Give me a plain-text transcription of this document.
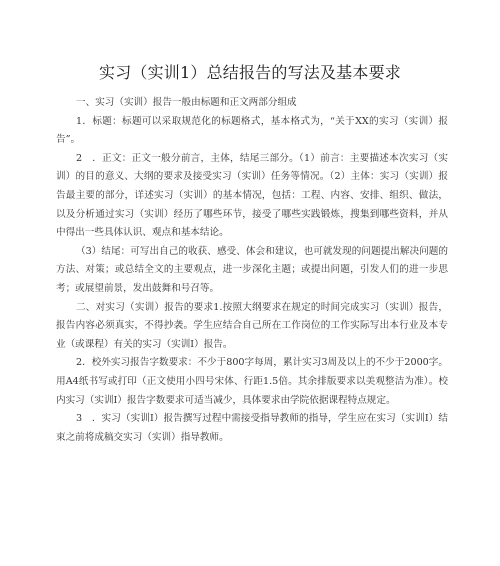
实习（实训1）总结报告的写法及基本要求

一、实习（实训）报告一般由标题和正文两部分组成

1．标题：标题可以采取规范化的标题格式，基本格式为，“关于XX的实习（实训）报告”。

2　．正文：正文一般分前言，主体，结尾三部分。（1）前言：主要描述本次实习（实训）的目的意义、大纲的要求及接受实习（实训）任务等情况。（2）主体：实习（实训）报告最主要的部分，详述实习（实训）的基本情况，包括：工程、内容、安排、组织、做法，以及分析通过实习（实训）经历了哪些环节，接受了哪些实践锻炼，搜集到哪些资料，并从中得出一些具体认识、观点和基本结论。

（3）结尾：可写出自己的收获、感受、体会和建议，也可就发现的问题提出解决问题的方法、对策；或总结全文的主要观点，进一步深化主题；或提出问题，引发人们的进一步思考；或展望前景，发出鼓舞和号召等。

二、对实习（实训）报告的要求1.按照大纲要求在规定的时间完成实习（实训）报告，报告内容必须真实，不得抄袭。学生应结合自己所在工作岗位的工作实际写出本行业及本专业（或课程）有关的实习（实训I）报告。

2．校外实习报告字数要求：不少于800字每周，累计实习3周及以上的不少于2000字。用A4纸书写或打印（正文使用小四号宋体、行距1.5倍。其余排版要求以美观整洁为准）。校内实习（实训I）报告字数要求可适当减少，具体要求由学院依据课程特点规定。

3　．实习（实训I）报告撰写过程中需接受指导教师的指导，学生应在实习（实训I）结束之前将成稿交实习（实训）指导教师。
